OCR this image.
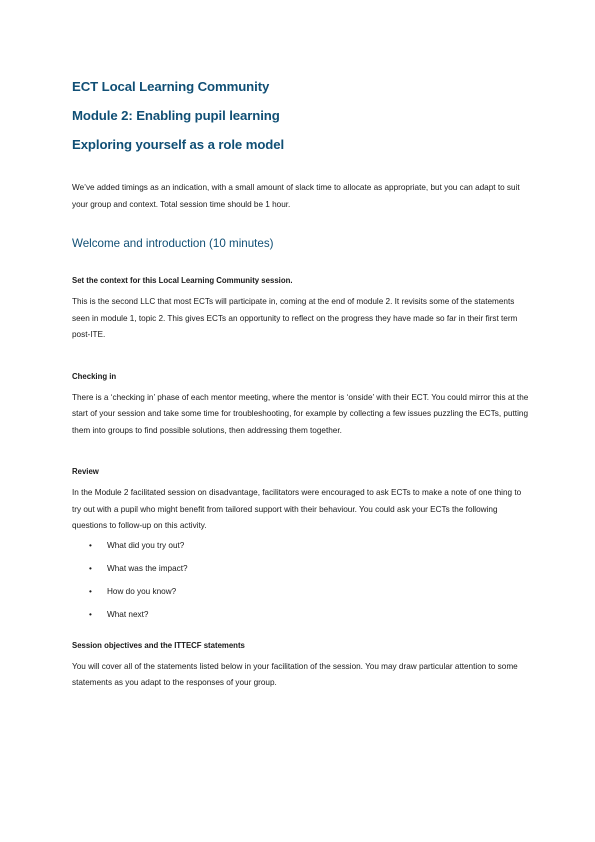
ECT Local Learning Community
Module 2: Enabling pupil learning
Exploring yourself as a role model

We’ve added timings as an indication, with a small amount of slack time to allocate as appropriate, but you can adapt to suit your group and context. Total session time should be 1 hour.

Welcome and introduction (10 minutes)

Set the context for this Local Learning Community session.

This is the second LLC that most ECTs will participate in, coming at the end of module 2. It revisits some of the statements seen in module 1, topic 2. This gives ECTs an opportunity to reflect on the progress they have made so far in their first term post-ITE.

Checking in

There is a ‘checking in’ phase of each mentor meeting, where the mentor is ‘onside’ with their ECT. You could mirror this at the start of your session and take some time for troubleshooting, for example by collecting a few issues puzzling the ECTs, putting them into groups to find possible solutions, then addressing them together.

Review

In the Module 2 facilitated session on disadvantage, facilitators were encouraged to ask ECTs to make a note of one thing to try out with a pupil who might benefit from tailored support with their behaviour. You could ask your ECTs the following questions to follow-up on this activity.

• What did you try out?
• What was the impact?
• How do you know?
• What next?

Session objectives and the ITTECF statements

You will cover all of the statements listed below in your facilitation of the session. You may draw particular attention to some statements as you adapt to the responses of your group.
